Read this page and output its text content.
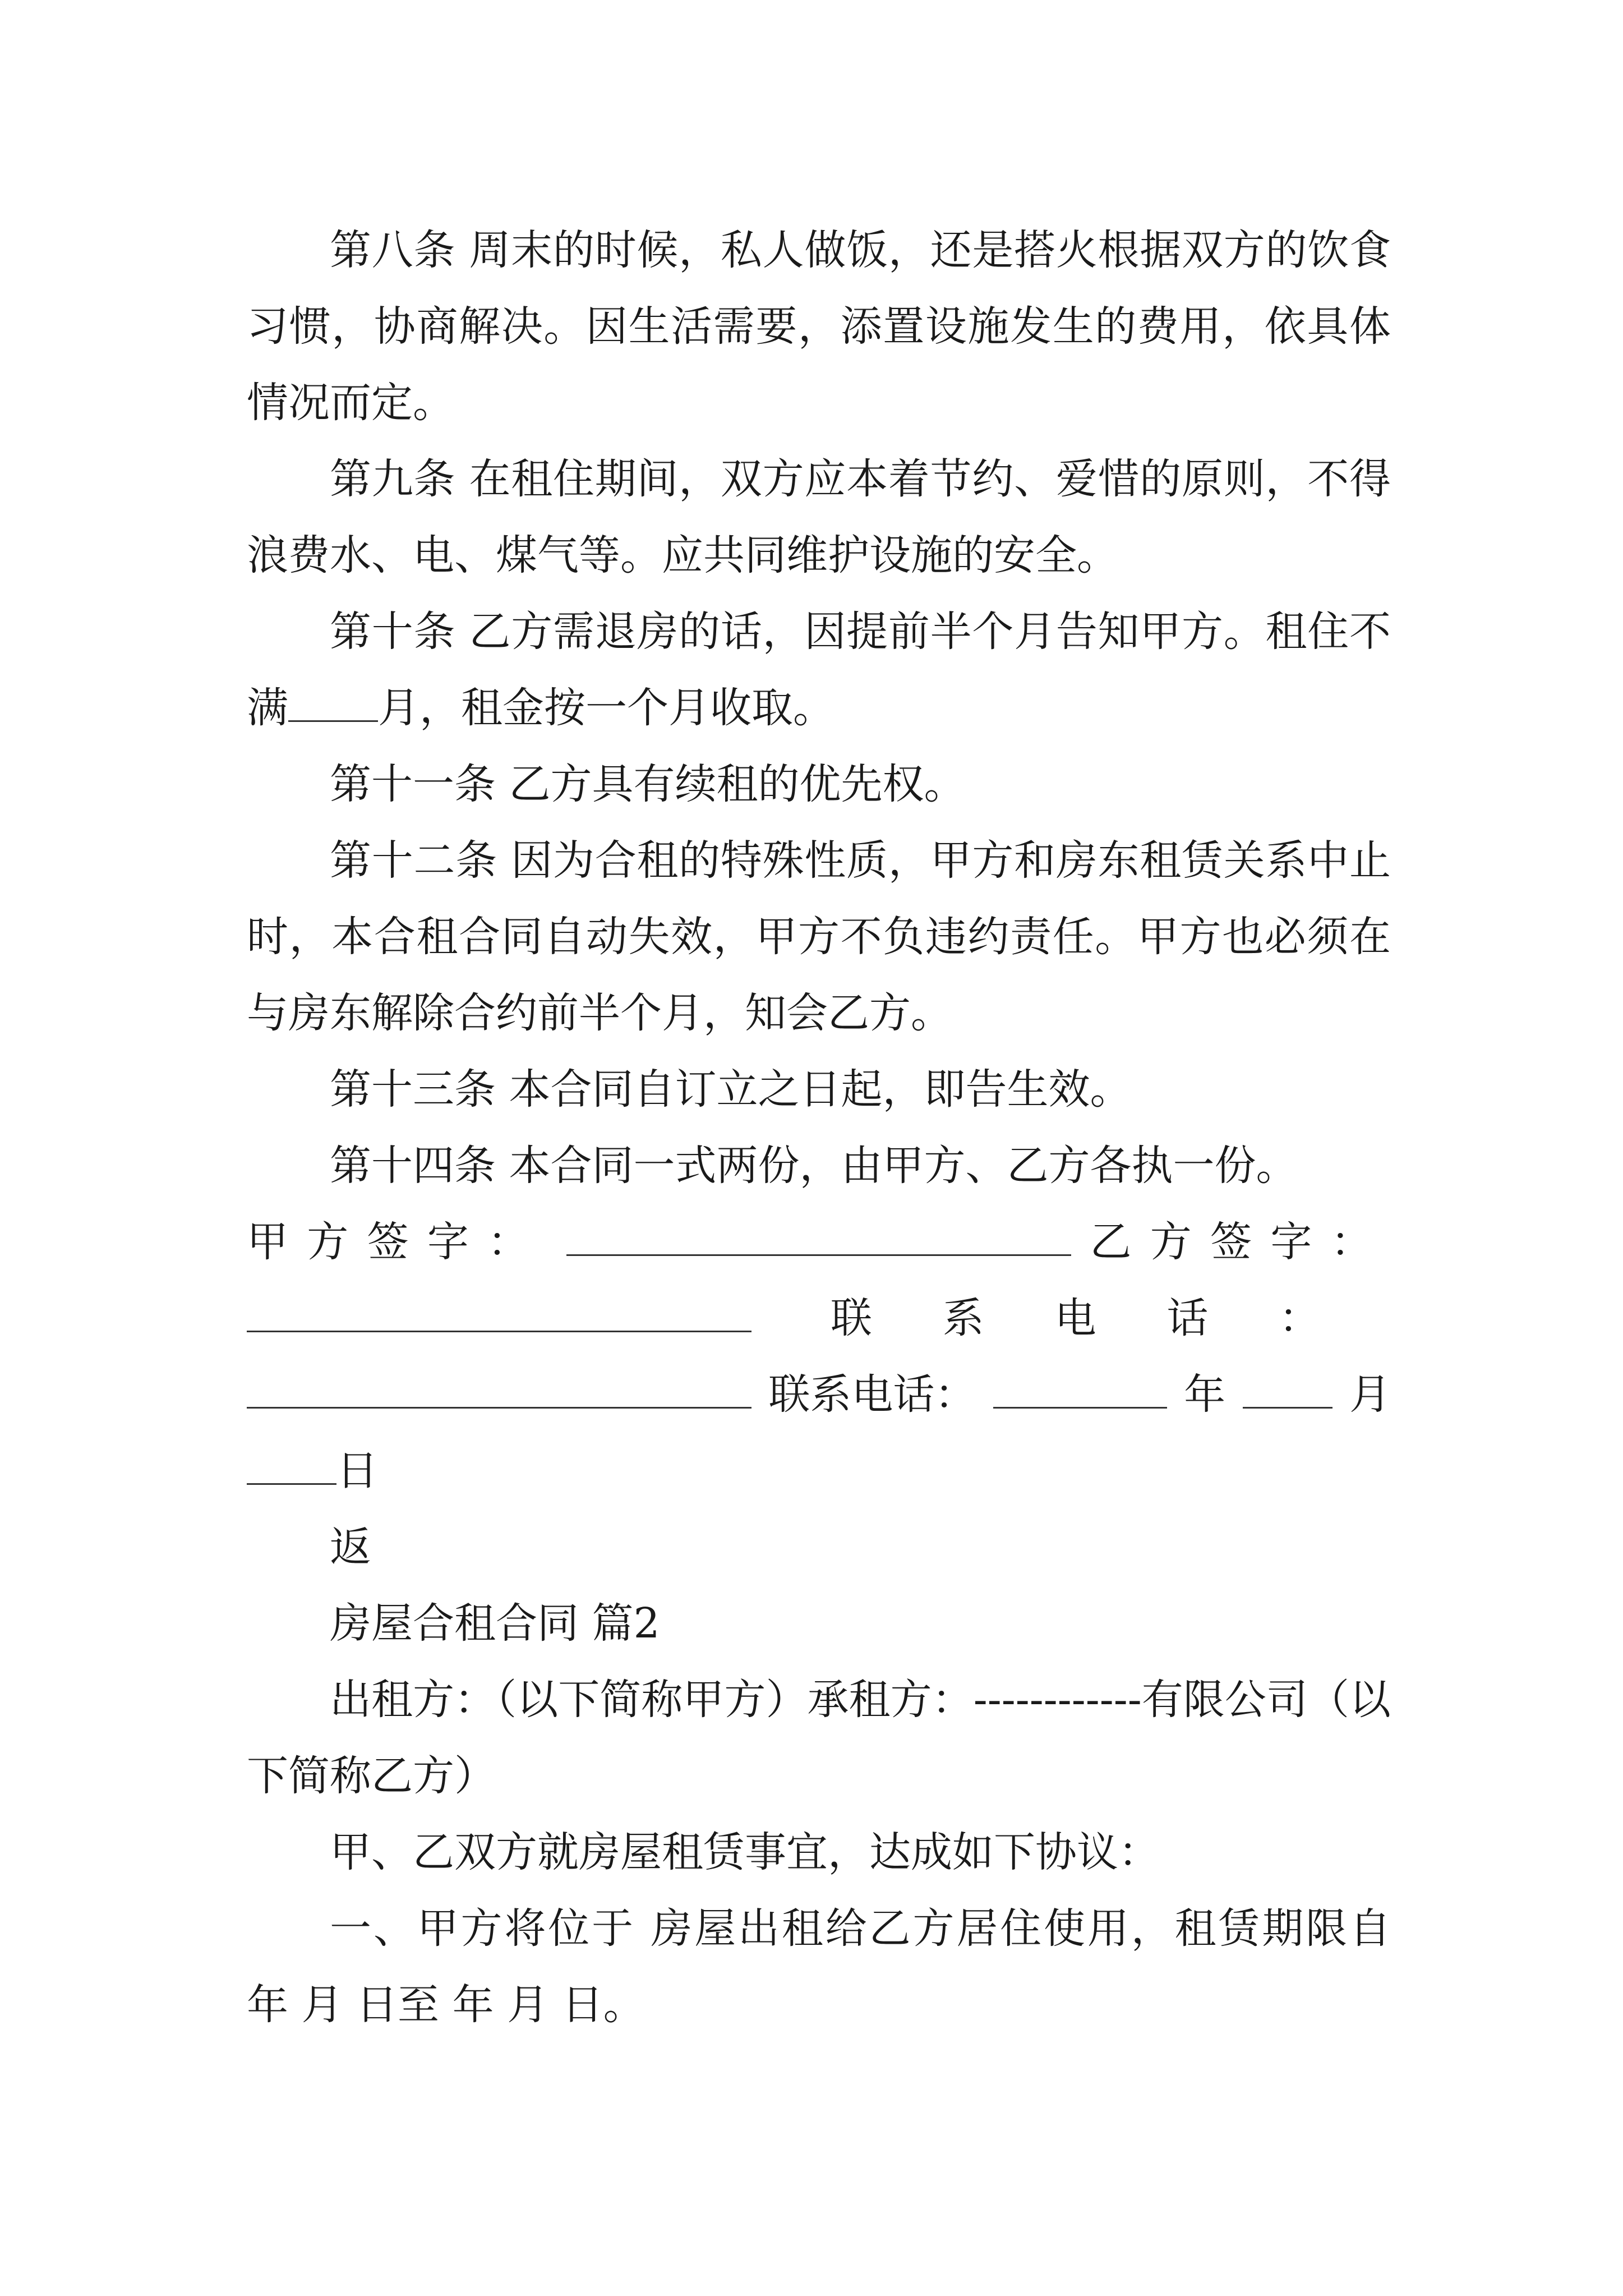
第八条 周末的时候，私人做饭，还是搭火根据双方的饮食习惯，协商解决。因生活需要，添置设施发生的费用，依具体情况而定。

第九条 在租住期间，双方应本着节约、爱惜的原则，不得浪费水、电、煤气等。应共同维护设施的安全。

第十条 乙方需退房的话，因提前半个月告知甲方。租住不满 月，租金按一个月收取。

第十一条 乙方具有续租的优先权。

第十二条 因为合租的特殊性质，甲方和房东租赁关系中止时，本合租合同自动失效，甲方不负违约责任。甲方也必须在与房东解除合约前半个月，知会乙方。

第十三条 本合同自订立之日起，即告生效。

第十四条 本合同一式两份，由甲方、乙方各执一份。

甲方签字：	乙方签字：
联系电话：
联系电话：	年	月
日

返

房屋合租合同 篇2

出租方：（以下简称甲方）承租方：------------有限公司（以下简称乙方）

甲、乙双方就房屋租赁事宜，达成如下协议：

一、甲方将位于 房屋出租给乙方居住使用，租赁期限自 年 月 日至 年 月 日。
